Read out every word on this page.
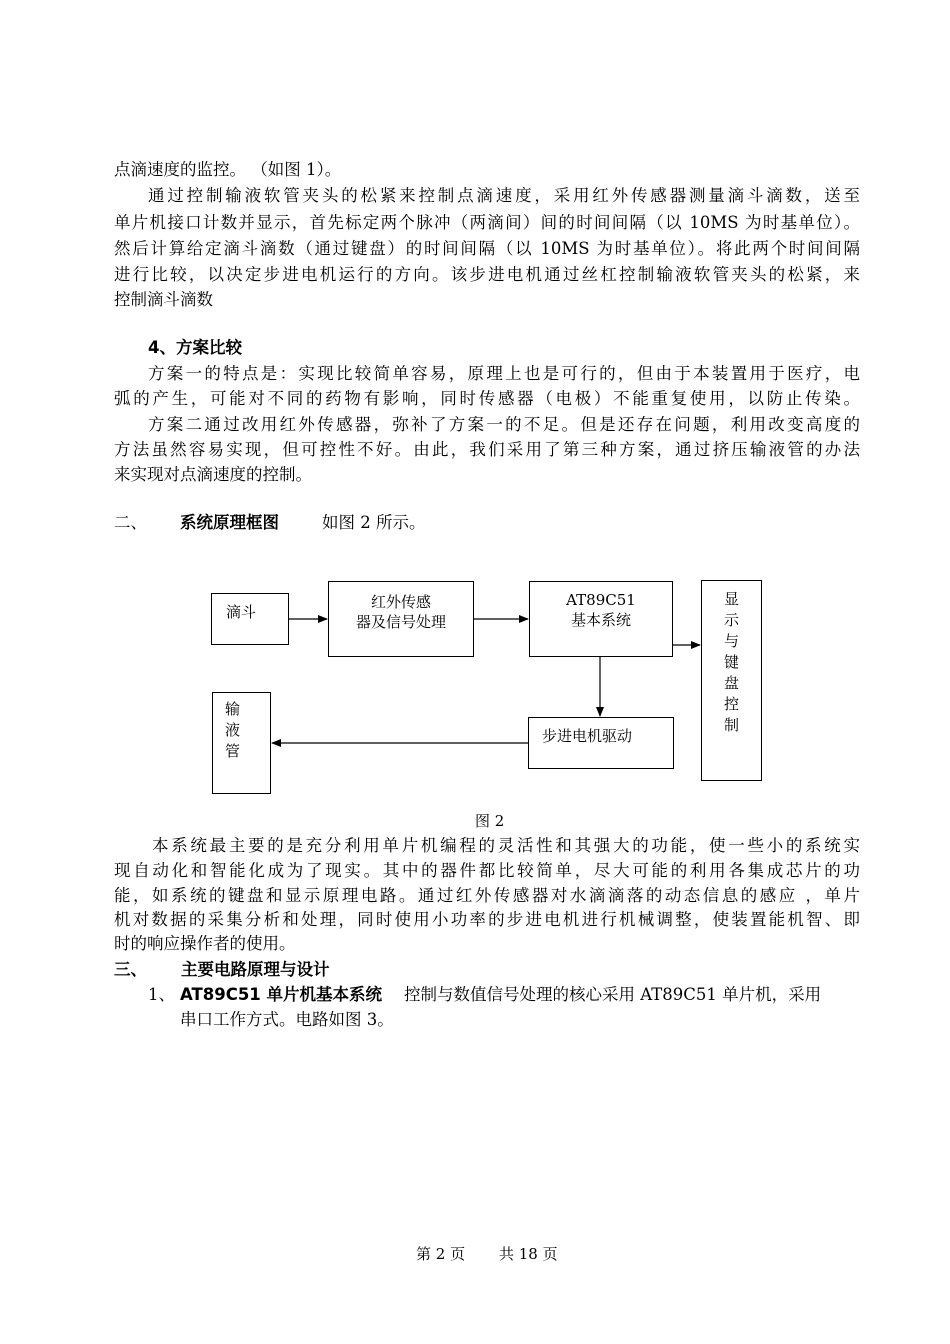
点滴速度的监控。 （如图 1）。
通过控制输液软管夹头的松紧来控制点滴速度，采用红外传感器测量滴斗滴数，送至
单片机接口计数并显示，首先标定两个脉冲（两滴间）间的时间间隔（以 10MS 为时基单位）。
然后计算给定滴斗滴数（通过键盘）的时间间隔（以 10MS 为时基单位）。将此两个时间间隔
进行比较，以决定步进电机运行的方向。该步进电机通过丝杠控制输液软管夹头的松紧，来
控制滴斗滴数
4、方案比较
方案一的特点是：实现比较简单容易，原理上也是可行的，但由于本装置用于医疗，电
弧的产生，可能对不同的药物有影响，同时传感器（电极）不能重复使用，以防止传染。
方案二通过改用红外传感器，弥补了方案一的不足。但是还存在问题，利用改变高度的
方法虽然容易实现，但可控性不好。由此，我们采用了第三种方案，通过挤压输液管的办法
来实现对点滴速度的控制。
二、	系统原理框图	如图 2 所示。
滴斗
红外传感
器及信号处理
AT89C51
基本系统
显
示
与
键
盘
控
制
输
液
管
步进电机驱动
图 2
本系统最主要的是充分利用单片机编程的灵活性和其强大的功能，使一些小的系统实
现自动化和智能化成为了现实。其中的器件都比较简单，尽大可能的利用各集成芯片的功
能，如系统的键盘和显示原理电路。通过红外传感器对水滴滴落的动态信息的感应 ，单片
机对数据的采集分析和处理，同时使用小功率的步进电机进行机械调整，使装置能机智、即
时的响应操作者的使用。
三、	主要电路原理与设计
1、 AT89C51 单片机基本系统	控制与数值信号处理的核心采用 AT89C51 单片机，采用
串口工作方式。电路如图 3。
第 2 页 共 18 页
